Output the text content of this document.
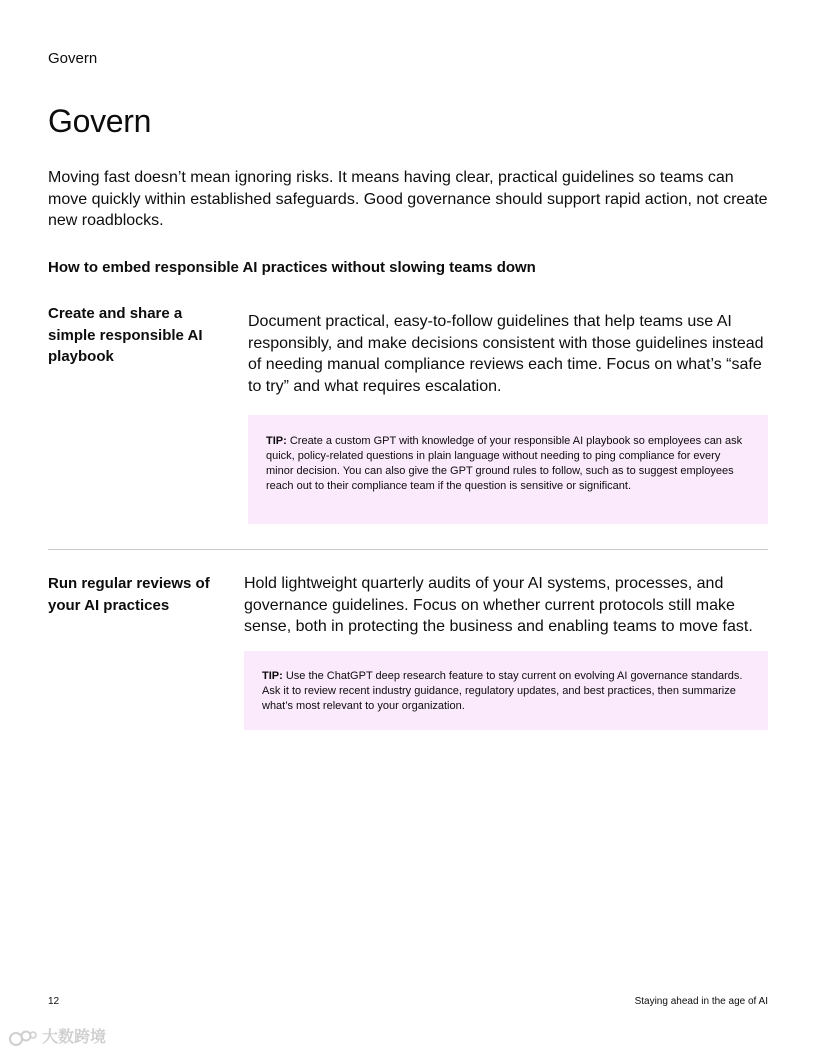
Govern
Govern

Moving fast doesn’t mean ignoring risks. It means having clear, practical guidelines so teams can move quickly within established safeguards. Good governance should support rapid action, not create new roadblocks.

How to embed responsible AI practices without slowing teams down
Create and share a simple responsible AI playbook

Document practical, easy-to-follow guidelines that help teams use AI responsibly, and make decisions consistent with those guidelines instead of needing manual compliance reviews each time. Focus on what’s “safe to try” and what requires escalation.

TIP: Create a custom GPT with knowledge of your responsible AI playbook so employees can ask quick, policy-related questions in plain language without needing to ping compliance for every minor decision. You can also give the GPT ground rules to follow, such as to suggest employees reach out to their compliance team if the question is sensitive or significant.
Run regular reviews of your AI practices

Hold lightweight quarterly audits of your AI systems, processes, and governance guidelines. Focus on whether current protocols still make sense, both in protecting the business and enabling teams to move fast.

TIP: Use the ChatGPT deep research feature to stay current on evolving AI governance standards. Ask it to review recent industry guidance, regulatory updates, and best practices, then summarize what’s most relevant to your organization.
12	Staying ahead in the age of AI
大数跨境
